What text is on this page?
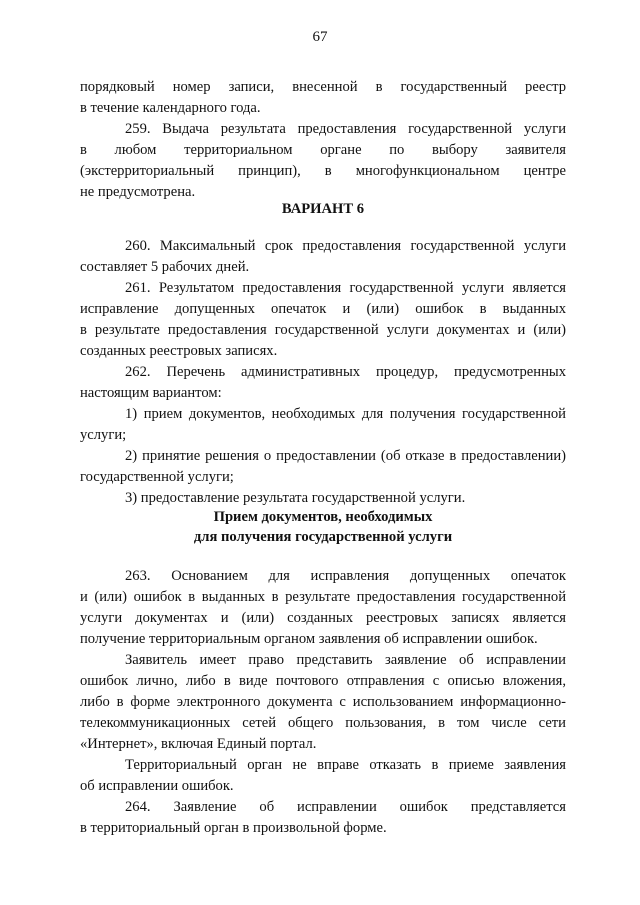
67
порядковый номер записи, внесенной в государственный реестр
в течение календарного года.
259. Выдача результата предоставления государственной услуги
в любом территориальном органе по выбору заявителя
(экстерриториальный принцип), в многофункциональном центре
не предусмотрена.
ВАРИАНТ 6
260. Максимальный срок предоставления государственной услуги
составляет 5 рабочих дней.
261. Результатом предоставления государственной услуги является
исправление допущенных опечаток и (или) ошибок в выданных
в результате предоставления государственной услуги документах и (или)
созданных реестровых записях.
262. Перечень административных процедур, предусмотренных
настоящим вариантом:
1) прием документов, необходимых для получения государственной
услуги;
2) принятие решения о предоставлении (об отказе в предоставлении)
государственной услуги;
3) предоставление результата государственной услуги.
Прием документов, необходимых
для получения государственной услуги
263. Основанием для исправления допущенных опечаток
и (или) ошибок в выданных в результате предоставления государственной
услуги документах и (или) созданных реестровых записях является
получение территориальным органом заявления об исправлении ошибок.
Заявитель имеет право представить заявление об исправлении
ошибок лично, либо в виде почтового отправления с описью вложения,
либо в форме электронного документа с использованием информационно-
телекоммуникационных сетей общего пользования, в том числе сети
«Интернет», включая Единый портал.
Территориальный орган не вправе отказать в приеме заявления
об исправлении ошибок.
264. Заявление об исправлении ошибок представляется
в территориальный орган в произвольной форме.
